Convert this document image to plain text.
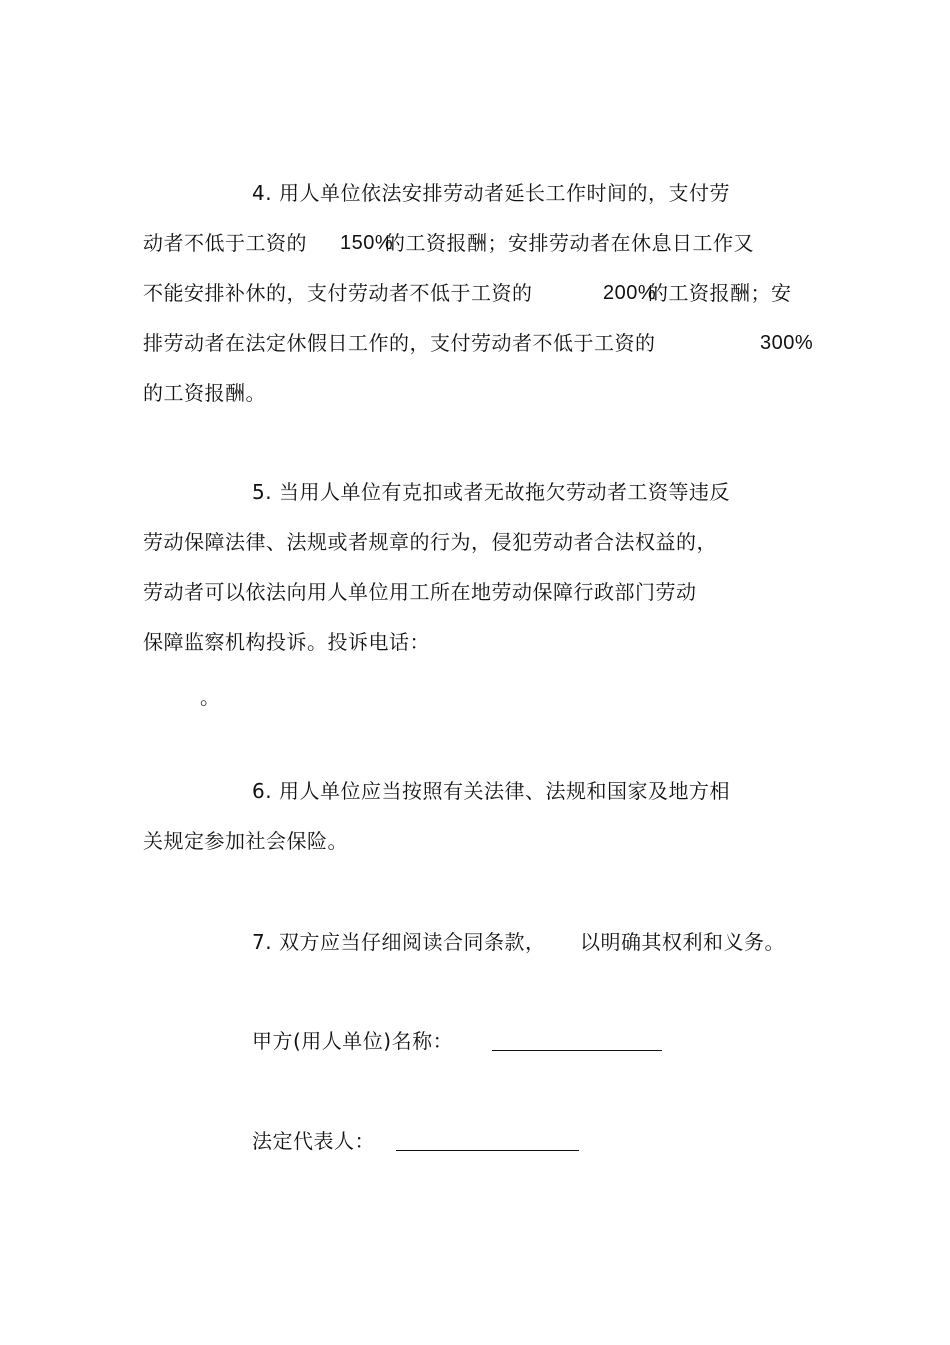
4. 用人单位依法安排劳动者延长工作时间的，支付劳
动者不低于工资的 150%
的工资报酬；安排劳动者在休息日工作又
不能安排补休的，支付劳动者不低于工资的	200%
的工资报酬；安
排劳动者在法定休假日工作的，支付劳动者不低于工资的	300%
的工资报酬。
5. 当用人单位有克扣或者无故拖欠劳动者工资等违反
劳动保障法律、法规或者规章的行为，侵犯劳动者合法权益的，
劳动者可以依法向用人单位用工所在地劳动保障行政部门劳动
保障监察机构投诉。投诉电话：
。
6. 用人单位应当按照有关法律、法规和国家及地方相
关规定参加社会保险。
7. 双方应当仔细阅读合同条款， 以明确其权利和义务。
甲方(用人单位)名称：
法定代表人：
